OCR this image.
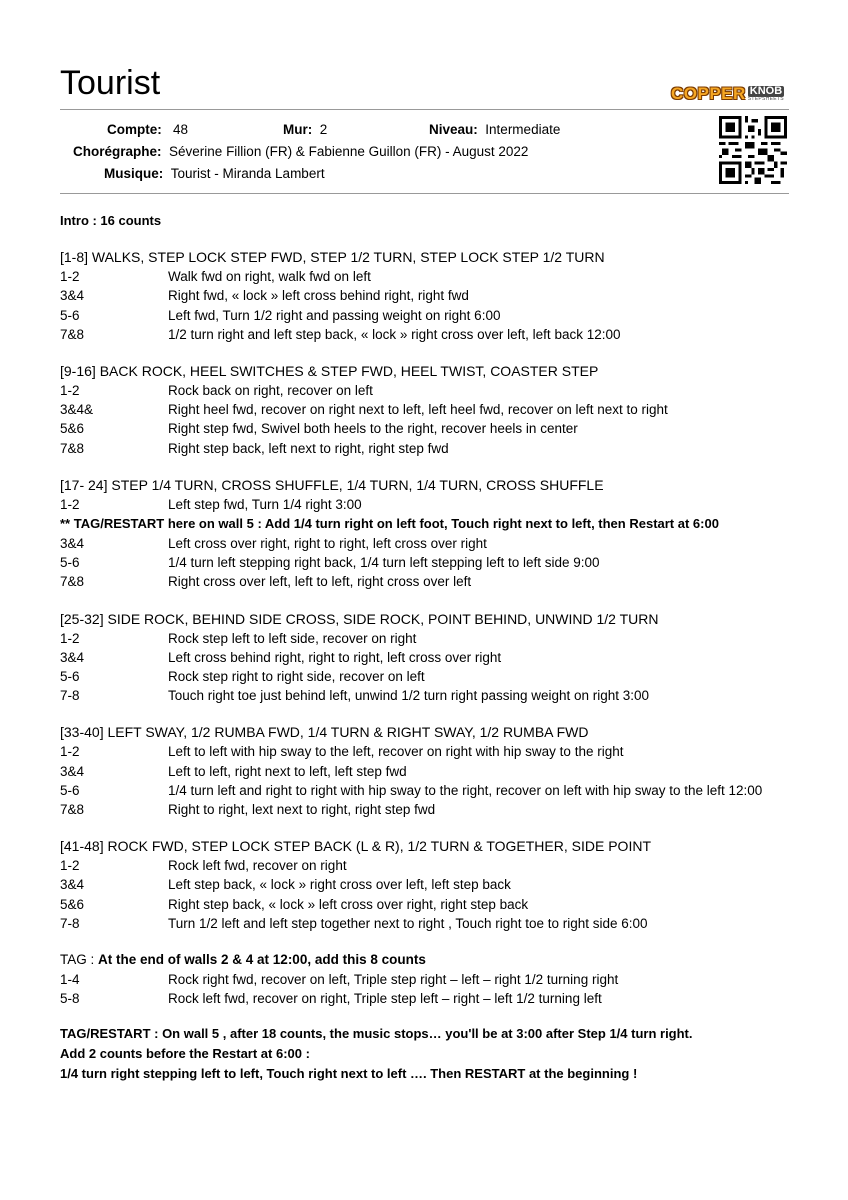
Tourist	COPPER KNOB
STEPSHEETS
Compte: 48	Mur: 2	Niveau: Intermediate
Chorégraphe: Séverine Fillion (FR) & Fabienne Guillon (FR) - August 2022
Musique: Tourist - Miranda Lambert
Intro : 16 counts
[1-8] WALKS, STEP LOCK STEP FWD, STEP 1/2 TURN, STEP LOCK STEP 1/2 TURN
1-2	Walk fwd on right, walk fwd on left
3&4	Right fwd, « lock » left cross behind right, right fwd
5-6	Left fwd, Turn 1/2 right and passing weight on right 6:00
7&8	1/2 turn right and left step back, « lock » right cross over left, left back 12:00
[9-16] BACK ROCK, HEEL SWITCHES & STEP FWD, HEEL TWIST, COASTER STEP
1-2	Rock back on right, recover on left
3&4&	Right heel fwd, recover on right next to left, left heel fwd, recover on left next to right
5&6	Right step fwd, Swivel both heels to the right, recover heels in center
7&8	Right step back, left next to right, right step fwd
[17- 24] STEP 1/4 TURN, CROSS SHUFFLE, 1/4 TURN, 1/4 TURN, CROSS SHUFFLE
1-2	Left step fwd, Turn 1/4 right 3:00
** TAG/RESTART here on wall 5 : Add 1/4 turn right on left foot, Touch right next to left, then Restart at 6:00
3&4	Left cross over right, right to right, left cross over right
5-6	1/4 turn left stepping right back, 1/4 turn left stepping left to left side 9:00
7&8	Right cross over left, left to left, right cross over left
[25-32] SIDE ROCK, BEHIND SIDE CROSS, SIDE ROCK, POINT BEHIND, UNWIND 1/2 TURN
1-2	Rock step left to left side, recover on right
3&4	Left cross behind right, right to right, left cross over right
5-6	Rock step right to right side, recover on left
7-8	Touch right toe just behind left, unwind 1/2 turn right passing weight on right 3:00
[33-40] LEFT SWAY, 1/2 RUMBA FWD, 1/4 TURN & RIGHT SWAY, 1/2 RUMBA FWD
1-2	Left to left with hip sway to the left, recover on right with hip sway to the right
3&4	Left to left, right next to left, left step fwd
5-6	1/4 turn left and right to right with hip sway to the right, recover on left with hip sway to the left 12:00
7&8	Right to right, lext next to right, right step fwd
[41-48] ROCK FWD, STEP LOCK STEP BACK (L & R), 1/2 TURN & TOGETHER, SIDE POINT
1-2	Rock left fwd, recover on right
3&4	Left step back, « lock » right cross over left, left step back
5&6	Right step back, « lock » left cross over right, right step back
7-8	Turn 1/2 left and left step together next to right , Touch right toe to right side 6:00
TAG : At the end of walls 2 & 4 at 12:00, add this 8 counts
1-4	Rock right fwd, recover on left, Triple step right – left – right 1/2 turning right
5-8	Rock left fwd, recover on right, Triple step left – right – left 1/2 turning left
TAG/RESTART : On wall 5 , after 18 counts, the music stops… you'll be at 3:00 after Step 1/4 turn right.
Add 2 counts before the Restart at 6:00 :
1/4 turn right stepping left to left, Touch right next to left …. Then RESTART at the beginning !
